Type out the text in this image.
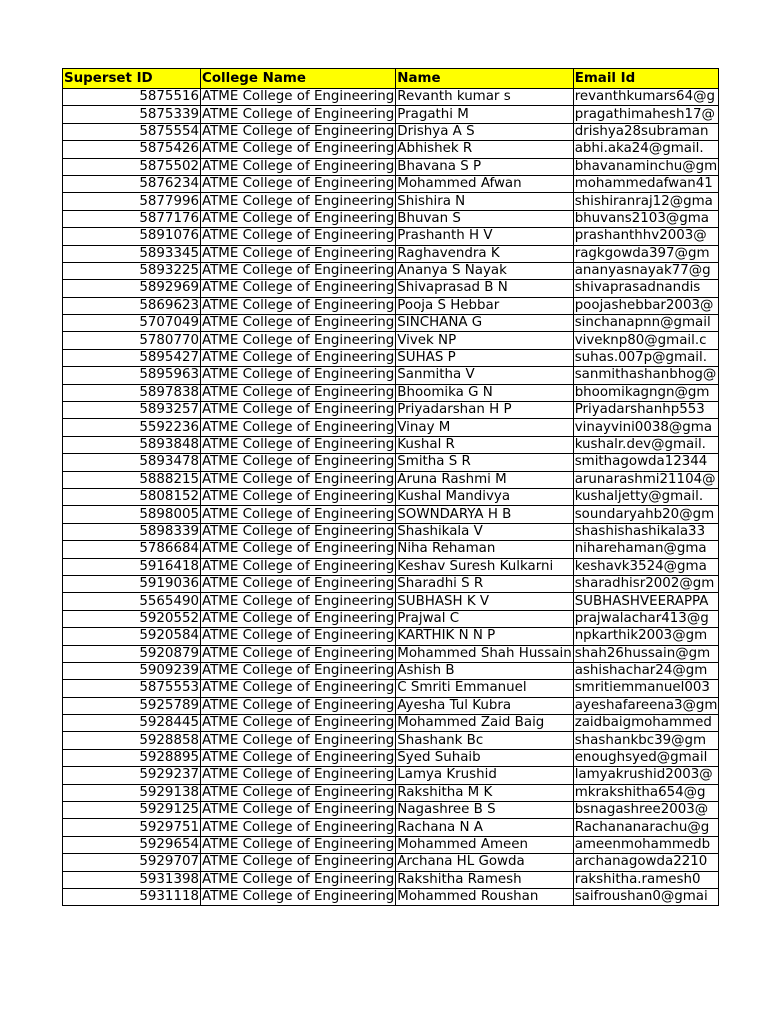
Superset ID	College Name	Name	Email Id
5875516	ATME College of Engineering	Revanth kumar s	revanthkumars64@g
5875339	ATME College of Engineering	Pragathi M	pragathimahesh17@
5875554	ATME College of Engineering	Drishya A S	drishya28subraman
5875426	ATME College of Engineering	Abhishek R	abhi.aka24@gmail.
5875502	ATME College of Engineering	Bhavana S P	bhavanaminchu@gm
5876234	ATME College of Engineering	Mohammed Afwan	mohammedafwan41
5877996	ATME College of Engineering	Shishira N	shishiranraj12@gma
5877176	ATME College of Engineering	Bhuvan S	bhuvans2103@gma
5891076	ATME College of Engineering	Prashanth H V	prashanthhv2003@
5893345	ATME College of Engineering	Raghavendra K	ragkgowda397@gm
5893225	ATME College of Engineering	Ananya S Nayak	ananyasnayak77@g
5892969	ATME College of Engineering	Shivaprasad B N	shivaprasadnandis
5869623	ATME College of Engineering	Pooja S Hebbar	poojashebbar2003@
5707049	ATME College of Engineering	SINCHANA G	sinchanapnn@gmail
5780770	ATME College of Engineering	Vivek NP	viveknp80@gmail.c
5895427	ATME College of Engineering	SUHAS P	suhas.007p@gmail.
5895963	ATME College of Engineering	Sanmitha V	sanmithashanbhog@
5897838	ATME College of Engineering	Bhoomika G N	bhoomikagngn@gm
5893257	ATME College of Engineering	Priyadarshan H P	Priyadarshanhp553
5592236	ATME College of Engineering	Vinay M	vinayvini0038@gma
5893848	ATME College of Engineering	Kushal R	kushalr.dev@gmail.
5893478	ATME College of Engineering	Smitha S R	smithagowda12344
5888215	ATME College of Engineering	Aruna Rashmi M	arunarashmi21104@
5808152	ATME College of Engineering	Kushal Mandivya	kushaljetty@gmail.
5898005	ATME College of Engineering	SOWNDARYA H B	soundaryahb20@gm
5898339	ATME College of Engineering	Shashikala V	shashishashikala33
5786684	ATME College of Engineering	Niha Rehaman	niharehaman@gma
5916418	ATME College of Engineering	Keshav Suresh Kulkarni	keshavk3524@gma
5919036	ATME College of Engineering	Sharadhi S R	sharadhisr2002@gm
5565490	ATME College of Engineering	SUBHASH K V	SUBHASHVEERAPPA
5920552	ATME College of Engineering	Prajwal C	prajwalachar413@g
5920584	ATME College of Engineering	KARTHIK N N P	npkarthik2003@gm
5920879	ATME College of Engineering	Mohammed Shah Hussain	shah26hussain@gm
5909239	ATME College of Engineering	Ashish B	ashishachar24@gm
5875553	ATME College of Engineering	C Smriti Emmanuel	smritiemmanuel003
5925789	ATME College of Engineering	Ayesha Tul Kubra	ayeshafareena3@gm
5928445	ATME College of Engineering	Mohammed Zaid Baig	zaidbaigmohammed
5928858	ATME College of Engineering	Shashank Bc	shashankbc39@gm
5928895	ATME College of Engineering	Syed Suhaib	enoughsyed@gmail
5929237	ATME College of Engineering	Lamya Krushid	lamyakrushid2003@
5929138	ATME College of Engineering	Rakshitha M K	mkrakshitha654@g
5929125	ATME College of Engineering	Nagashree B S	bsnagashree2003@
5929751	ATME College of Engineering	Rachana N A	Rachananarachu@g
5929654	ATME College of Engineering	Mohammed Ameen	ameenmohammedb
5929707	ATME College of Engineering	Archana HL Gowda	archanagowda2210
5931398	ATME College of Engineering	Rakshitha Ramesh	rakshitha.ramesh0
5931118	ATME College of Engineering	Mohammed Roushan	saifroushan0@gmai
